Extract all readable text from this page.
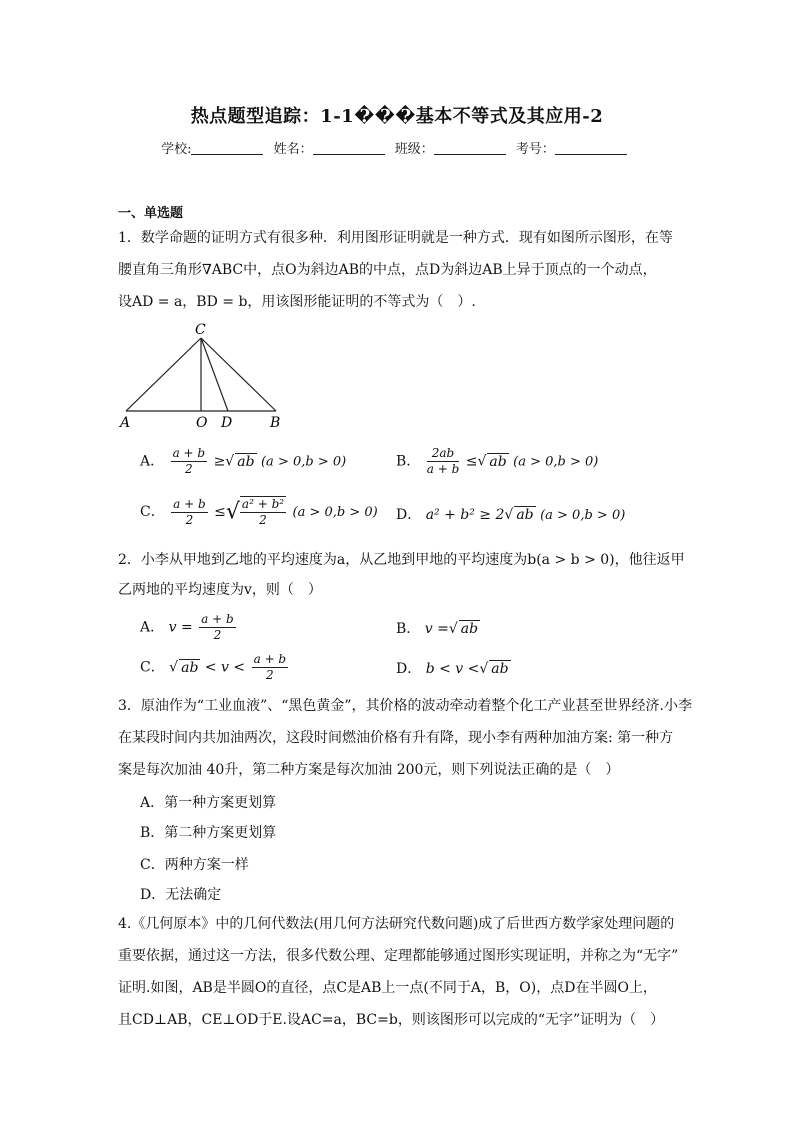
热点题型追踪：1-1���基本不等式及其应用-2
学校:	姓名：	班级：	考号：
一、单选题
1．数学命题的证明方式有很多种．利用图形证明就是一种方式．现有如图所示图形，在等
腰直角三角形∇ABC中，点O为斜边AB的中点，点D为斜边AB上异于顶点的一个动点，
设AD = a，BD = b，用该图形能证明的不等式为（　）.
C
A	O D	B
A． $\frac{a + b}{2}$ ≥√ ab (a > 0,b > 0)	B． $\frac{2ab}{a + b}$ ≤√ ab (a > 0,b > 0)
C． $\frac{a + b}{2}$ ≤√ $\frac{\text{a² + b²}}{2} (a > 0,b > 0)$ D． a² + b² ≥ 2√ ab (a > 0,b > 0)
2．小李从甲地到乙地的平均速度为a，从乙地到甲地的平均速度为b(a > b > 0)，他往返甲
乙两地的平均速度为v，则（　）
A． $v = \frac{a + b}{2}$	B． v =√ ab
C． √ ab < $v < \frac{a + b}{2}$	D． b < v <√ ab
3．原油作为“工业血液”、“黑色黄金”，其价格的波动牵动着整个化工产业甚至世界经济.小李
在某段时间内共加油两次，这段时间燃油价格有升有降，现小李有两种加油方案: 第一种方
案是每次加油 40升，第二种方案是每次加油 200元，则下列说法正确的是（　）
A．第一种方案更划算
B．第二种方案更划算
C．两种方案一样
D．无法确定
4.《几何原本》中的几何代数法(用几何方法研究代数问题)成了后世西方数学家处理问题的
重要依据，通过这一方法，很多代数公理、定理都能够通过图形实现证明，并称之为“无字”
证明.如图，AB是半圆O的直径，点C是AB上一点(不同于A，B，O)，点D在半圆O上，
且CD⊥AB，CE⊥OD于E.设AC=a，BC=b，则该图形可以完成的“无字”证明为（　）
